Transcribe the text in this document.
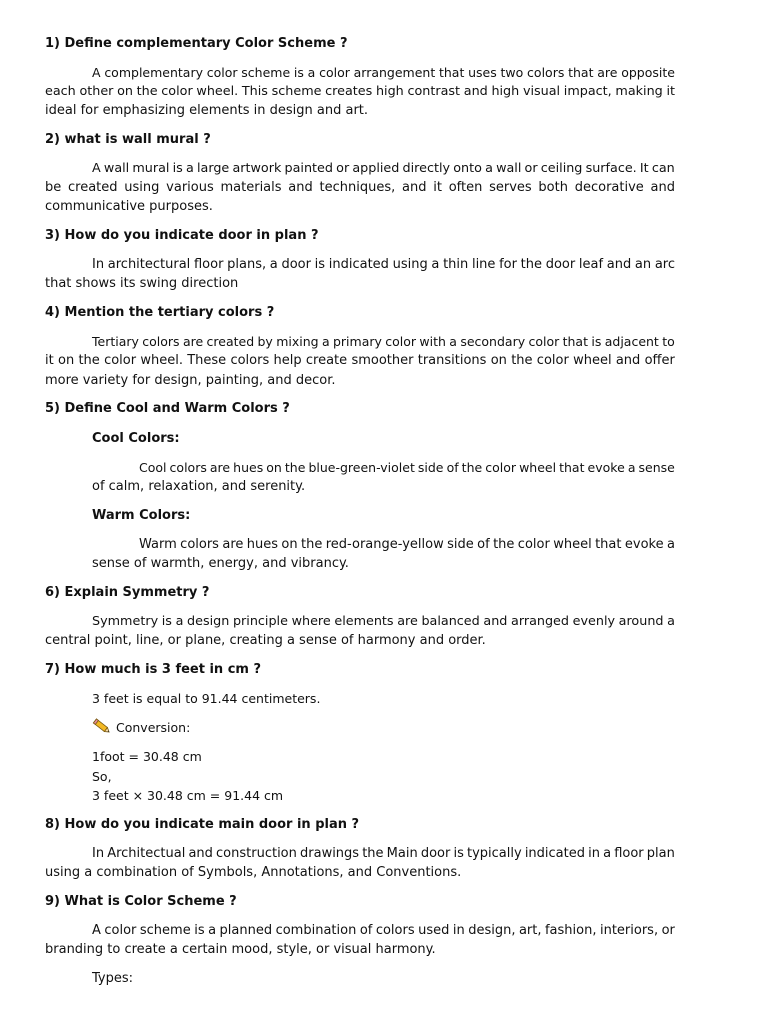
1) Define complementary Color Scheme ?
A complementary color scheme is a color arrangement that uses two colors that are opposite
each other on the color wheel. This scheme creates high contrast and high visual impact, making it
ideal for emphasizing elements in design and art.
2) what is wall mural ?
A wall mural is a large artwork painted or applied directly onto a wall or ceiling surface. It can
be created using various materials and techniques, and it often serves both decorative and
communicative purposes.
3) How do you indicate door in plan ?
In architectural floor plans, a door is indicated using a thin line for the door leaf and an arc
that shows its swing direction
4) Mention the tertiary colors ?
Tertiary colors are created by mixing a primary color with a secondary color that is adjacent to
it on the color wheel. These colors help create smoother transitions on the color wheel and offer
more variety for design, painting, and decor.
5) Define Cool and Warm Colors ?
Cool Colors:
Cool colors are hues on the blue-green-violet side of the color wheel that evoke a sense
of calm, relaxation, and serenity.
Warm Colors:
Warm colors are hues on the red-orange-yellow side of the color wheel that evoke a
sense of warmth, energy, and vibrancy.
6) Explain Symmetry ?
Symmetry is a design principle where elements are balanced and arranged evenly around a
central point, line, or plane, creating a sense of harmony and order.
7) How much is 3 feet in cm ?
3 feet is equal to 91.44 centimeters.
Conversion:
1foot = 30.48 cm
So,
3 feet × 30.48 cm = 91.44 cm
8) How do you indicate main door in plan ?
In Architectual and construction drawings the Main door is typically indicated in a floor plan
using a combination of Symbols, Annotations, and Conventions.
9) What is Color Scheme ?
A color scheme is a planned combination of colors used in design, art, fashion, interiors, or
branding to create a certain mood, style, or visual harmony.
Types:
